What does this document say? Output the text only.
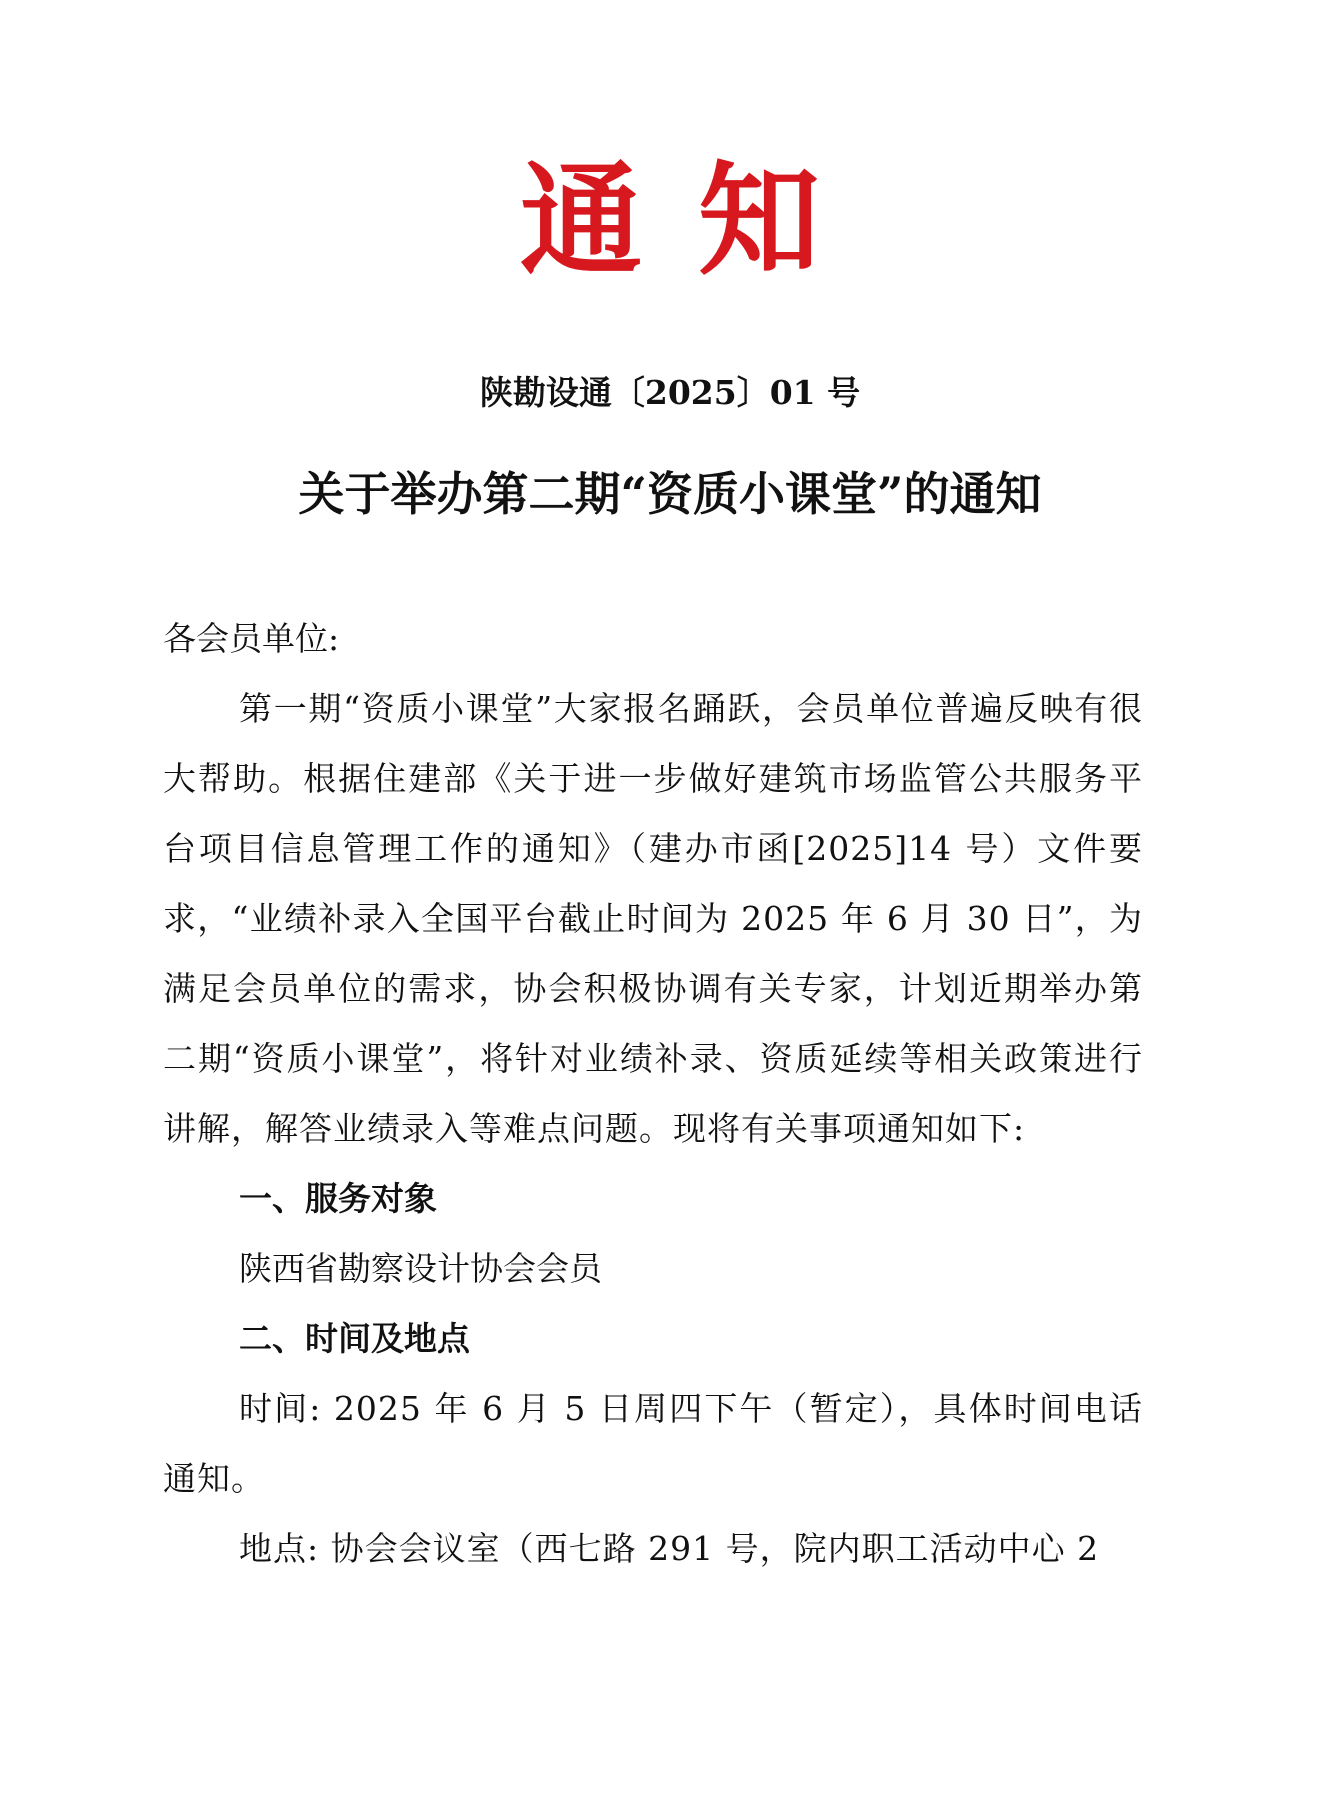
通知
陕勘设通〔2025〕01 号
关于举办第二期“资质小课堂”的通知

各会员单位:

第一期“资质小课堂”大家报名踊跃，会员单位普遍反映有很大帮助。根据住建部《关于进一步做好建筑市场监管公共服务平台项目信息管理工作的通知》（建办市函[2025]14 号）文件要求，“业绩补录入全国平台截止时间为 2025 年 6 月 30 日”，为满足会员单位的需求，协会积极协调有关专家，计划近期举办第二期“资质小课堂”，将针对业绩补录、资质延续等相关政策进行讲解，解答业绩录入等难点问题。现将有关事项通知如下:

一、服务对象

陕西省勘察设计协会会员

二、时间及地点

时间: 2025 年 6 月 5 日周四下午（暂定），具体时间电话通知。

地点: 协会会议室（西七路 291 号，院内职工活动中心 2
